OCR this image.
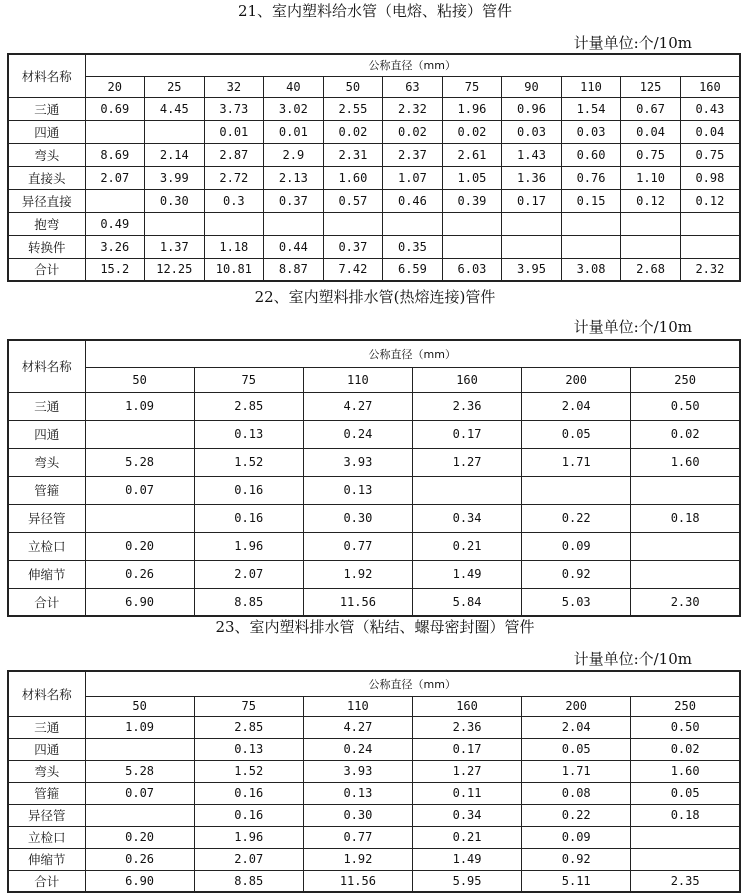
21、室内塑料给水管（电熔、粘接）管件
计量单位:个/10m
材料名称	公称直径（mm）										
	20	25	32	40	50	63	75	90	110	125	160
三通	0.69	4.45	3.73	3.02	2.55	2.32	1.96	0.96	1.54	0.67	0.43
四通			0.01	0.01	0.02	0.02	0.02	0.03	0.03	0.04	0.04
弯头	8.69	2.14	2.87	2.9	2.31	2.37	2.61	1.43	0.60	0.75	0.75
直接头	2.07	3.99	2.72	2.13	1.60	1.07	1.05	1.36	0.76	1.10	0.98
异径直接		0.30	0.3	0.37	0.57	0.46	0.39	0.17	0.15	0.12	0.12
抱弯	0.49										
转换件	3.26	1.37	1.18	0.44	0.37	0.35					
合计	15.2	12.25	10.81	8.87	7.42	6.59	6.03	3.95	3.08	2.68	2.32
22、室内塑料排水管(热熔连接)管件
计量单位:个/10m
材料名称	公称直径（mm）					
	50	75	110	160	200	250
三通	1.09	2.85	4.27	2.36	2.04	0.50
四通		0.13	0.24	0.17	0.05	0.02
弯头	5.28	1.52	3.93	1.27	1.71	1.60
管箍	0.07	0.16	0.13			
异径管		0.16	0.30	0.34	0.22	0.18
立检口	0.20	1.96	0.77	0.21	0.09	
伸缩节	0.26	2.07	1.92	1.49	0.92	
合计	6.90	8.85	11.56	5.84	5.03	2.30
23、室内塑料排水管（粘结、螺母密封圈）管件
计量单位:个/10m
材料名称	公称直径（mm）					
	50	75	110	160	200	250
三通	1.09	2.85	4.27	2.36	2.04	0.50
四通		0.13	0.24	0.17	0.05	0.02
弯头	5.28	1.52	3.93	1.27	1.71	1.60
管箍	0.07	0.16	0.13	0.11	0.08	0.05
异径管		0.16	0.30	0.34	0.22	0.18
立检口	0.20	1.96	0.77	0.21	0.09	
伸缩节	0.26	2.07	1.92	1.49	0.92	
合计	6.90	8.85	11.56	5.95	5.11	2.35
